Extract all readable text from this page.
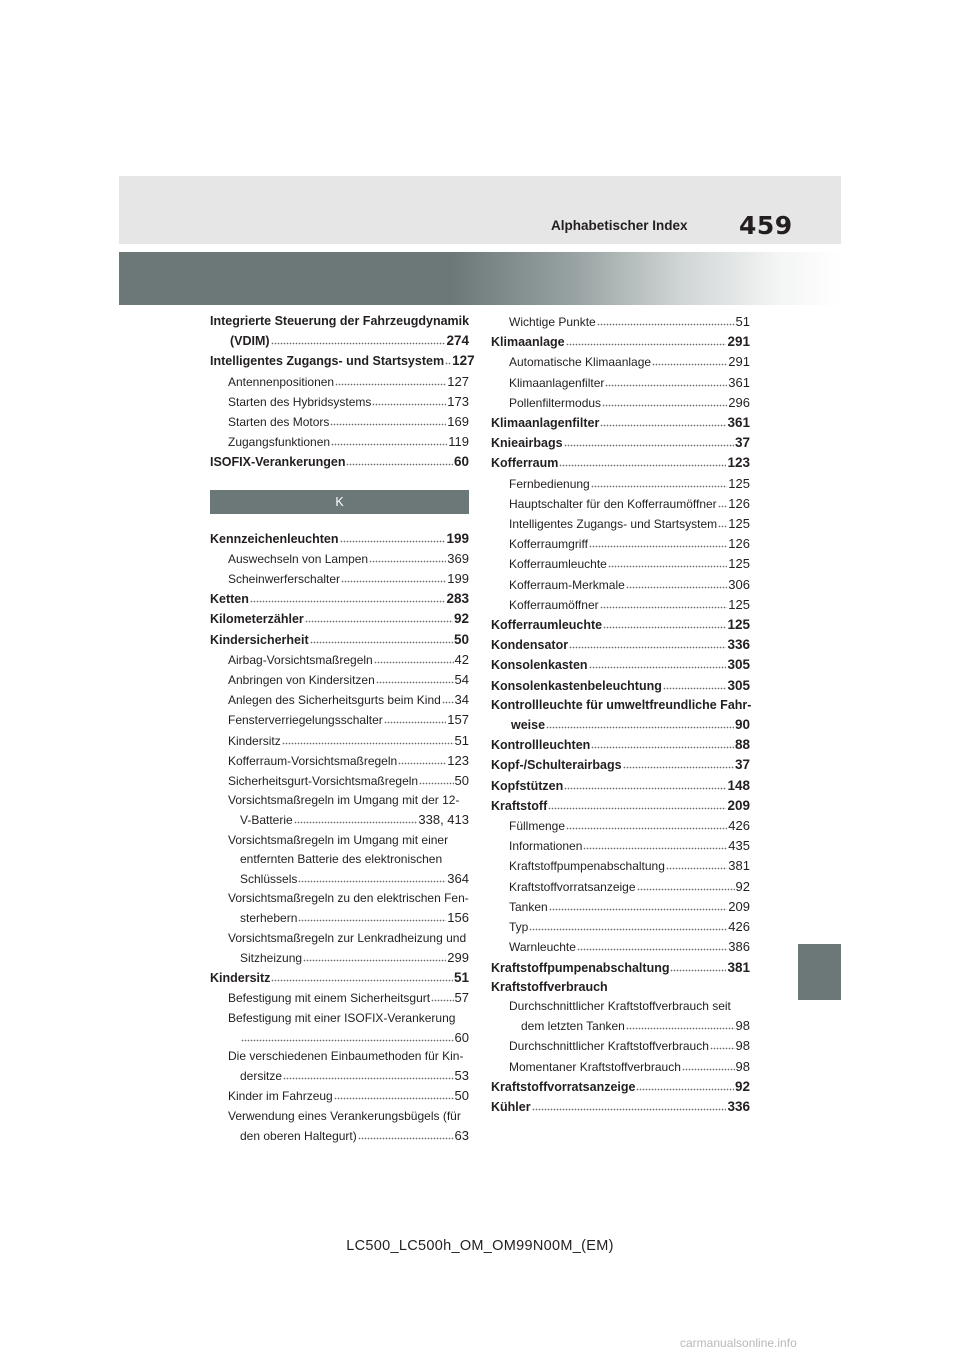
Alphabetischer Index 459
Integrierte Steuerung der Fahrzeugdynamik
(VDIM)	274
Intelligentes Zugangs- und Startsystem 127
Antennenpositionen	127
Starten des Hybridsystems	173
Starten des Motors	169
Zugangsfunktionen	119
ISOFIX-Verankerungen	60
K
Kennzeichenleuchten	199
Auswechseln von Lampen	369
Scheinwerferschalter	199
Ketten	283
Kilometerzähler	92
Kindersicherheit	50
Airbag-Vorsichtsmaßregeln	42
Anbringen von Kindersitzen	54
Anlegen des Sicherheitsgurts beim Kind 34
Fensterverriegelungsschalter	157
Kindersitz	51
Kofferraum-Vorsichtsmaßregeln	123
Sicherheitsgurt-Vorsichtsmaßregeln	50
Vorsichtsmaßregeln im Umgang mit der 12-
V-Batterie	338, 413
Vorsichtsmaßregeln im Umgang mit einer
entfernten Batterie des elektronischen
Schlüssels	364
Vorsichtsmaßregeln zu den elektrischen Fen-
sterhebern	156
Vorsichtsmaßregeln zur Lenkradheizung und
Sitzheizung	299
Kindersitz	51
Befestigung mit einem Sicherheitsgurt 57
Befestigung mit einer ISOFIX-Verankerung
60
Die verschiedenen Einbaumethoden für Kin-
dersitze	53
Kinder im Fahrzeug	50
Verwendung eines Verankerungsbügels (für
den oberen Haltegurt)	63
Wichtige Punkte	51
Klimaanlage	291
Automatische Klimaanlage	291
Klimaanlagenfilter	361
Pollenfiltermodus	296
Klimaanlagenfilter	361
Knieairbags	37
Kofferraum	123
Fernbedienung	125
Hauptschalter für den Kofferraumöffner 126
Intelligentes Zugangs- und Startsystem 125
Kofferraumgriff	126
Kofferraumleuchte	125
Kofferraum-Merkmale	306
Kofferraumöffner	125
Kofferraumleuchte	125
Kondensator	336
Konsolenkasten	305
Konsolenkastenbeleuchtung	305
Kontrollleuchte für umweltfreundliche Fahr-
weise	90
Kontrollleuchten	88
Kopf-/Schulterairbags	37
Kopfstützen	148
Kraftstoff	209
Füllmenge	426
Informationen	435
Kraftstoffpumpenabschaltung	381
Kraftstoffvorratsanzeige	92
Tanken	209
Typ	426
Warnleuchte	386
Kraftstoffpumpenabschaltung	381
Kraftstoffverbrauch
Durchschnittlicher Kraftstoffverbrauch seit
dem letzten Tanken	98
Durchschnittlicher Kraftstoffverbrauch 98
Momentaner Kraftstoffverbrauch	98
Kraftstoffvorratsanzeige	92
Kühler	336
LC500_LC500h_OM_OM99N00M_(EM)
carmanualsonline.info
